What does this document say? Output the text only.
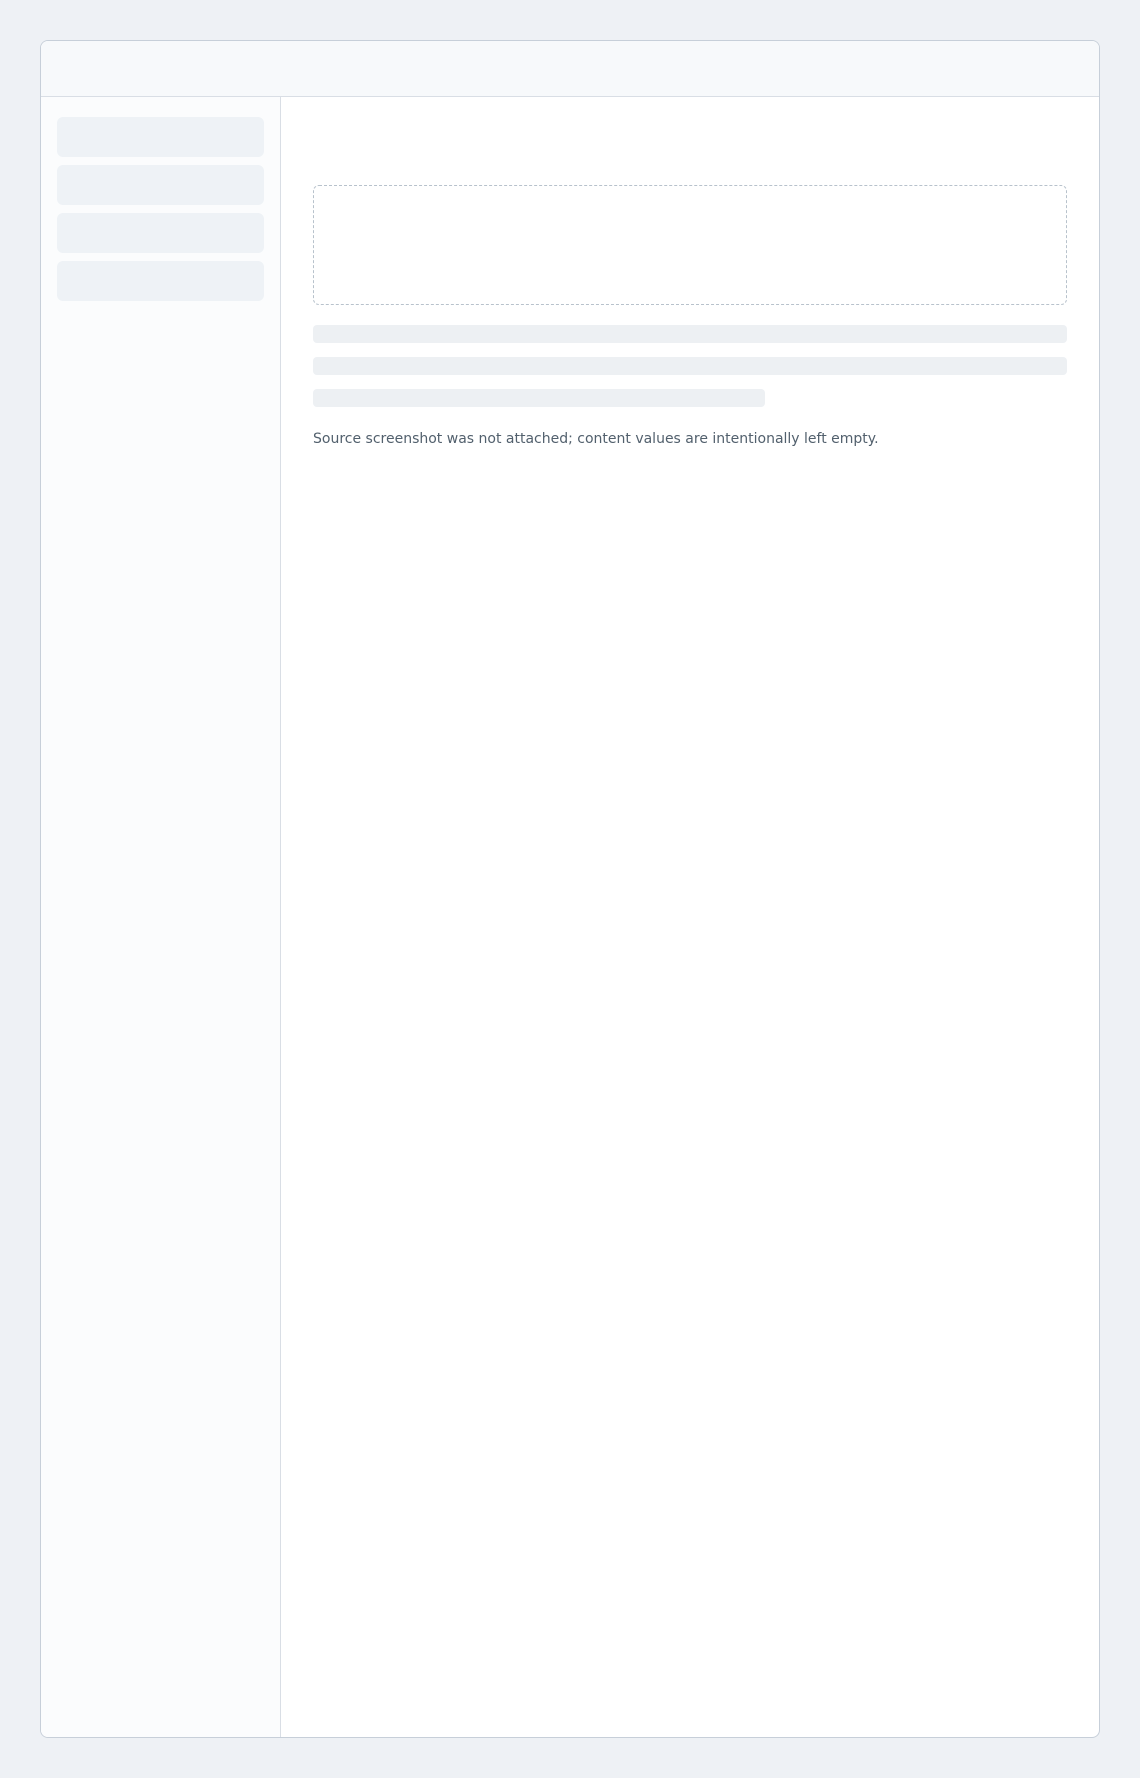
Source screenshot was not attached; content values are intentionally left empty.
